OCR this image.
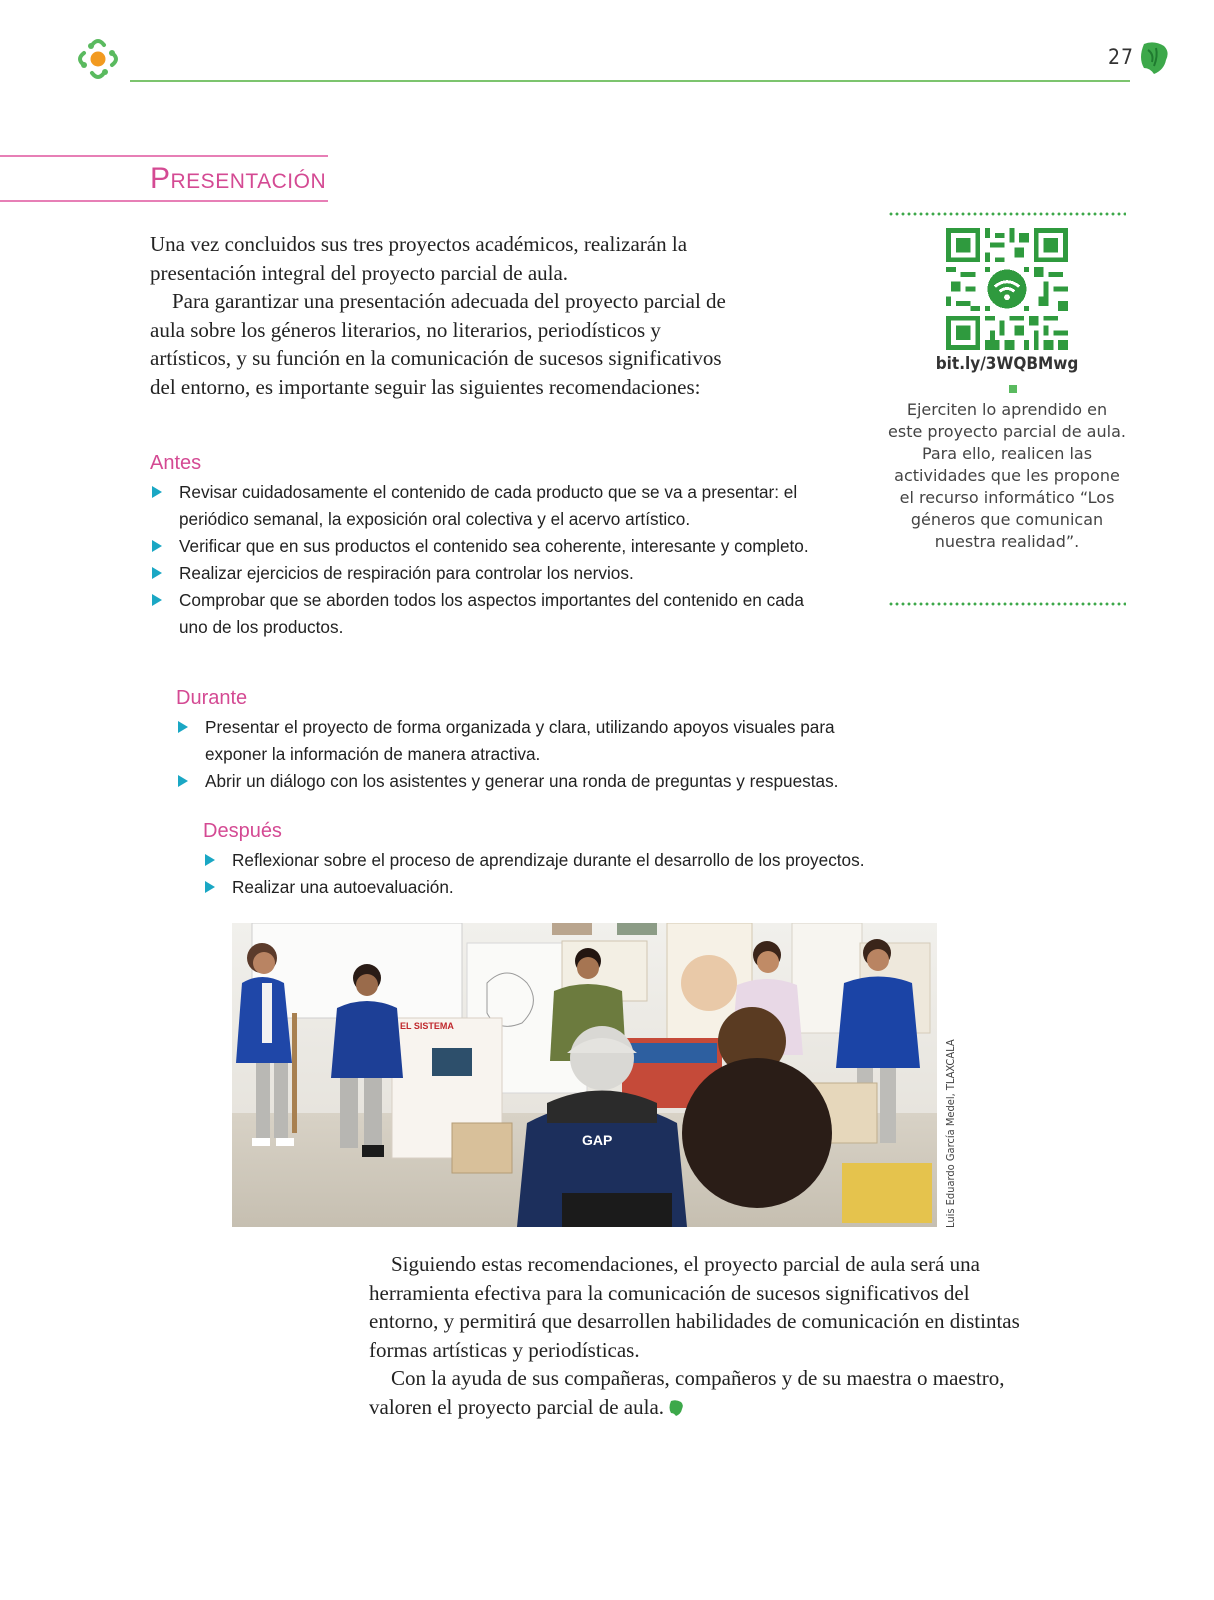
27
Presentación

Una vez concluidos sus tres proyectos académicos, realizarán la presentación integral del proyecto parcial de aula.

Para garantizar una presentación adecuada del proyecto parcial de aula sobre los géneros literarios, no literarios, periodísticos y artísticos, y su función en la comunicación de sucesos significativos del entorno, es importante seguir las siguientes recomendaciones:

Antes
Revisar cuidadosamente el contenido de cada producto que se va a presentar: el periódico semanal, la exposición oral colectiva y el acervo artístico.
Verificar que en sus productos el contenido sea coherente, interesante y completo.
Realizar ejercicios de respiración para controlar los nervios.
Comprobar que se aborden todos los aspectos importantes del contenido en cada uno de los productos.
Durante
Presentar el proyecto de forma organizada y clara, utilizando apoyos visuales para exponer la información de manera atractiva.
Abrir un diálogo con los asistentes y generar una ronda de preguntas y respuestas.
Después
Reflexionar sobre el proceso de aprendizaje durante el desarrollo de los proyectos.
Realizar una autoevaluación.
bit.ly/3WQBMwg
Ejerciten lo aprendido en este proyecto parcial de aula. Para ello, realicen las actividades que les propone el recurso informático “Los géneros que comunican nuestra realidad”.
EL SISTEMA
GAP	Luis Eduardo García Medel, TLAXCALA

Siguiendo estas recomendaciones, el proyecto parcial de aula será una herramienta efectiva para la comunicación de sucesos significativos del entorno, y permitirá que desarrollen habilidades de comunicación en distintas formas artísticas y periodísticas.

Con la ayuda de sus compañeras, compañeros y de su maestra o maestro, valoren el proyecto parcial de aula.
